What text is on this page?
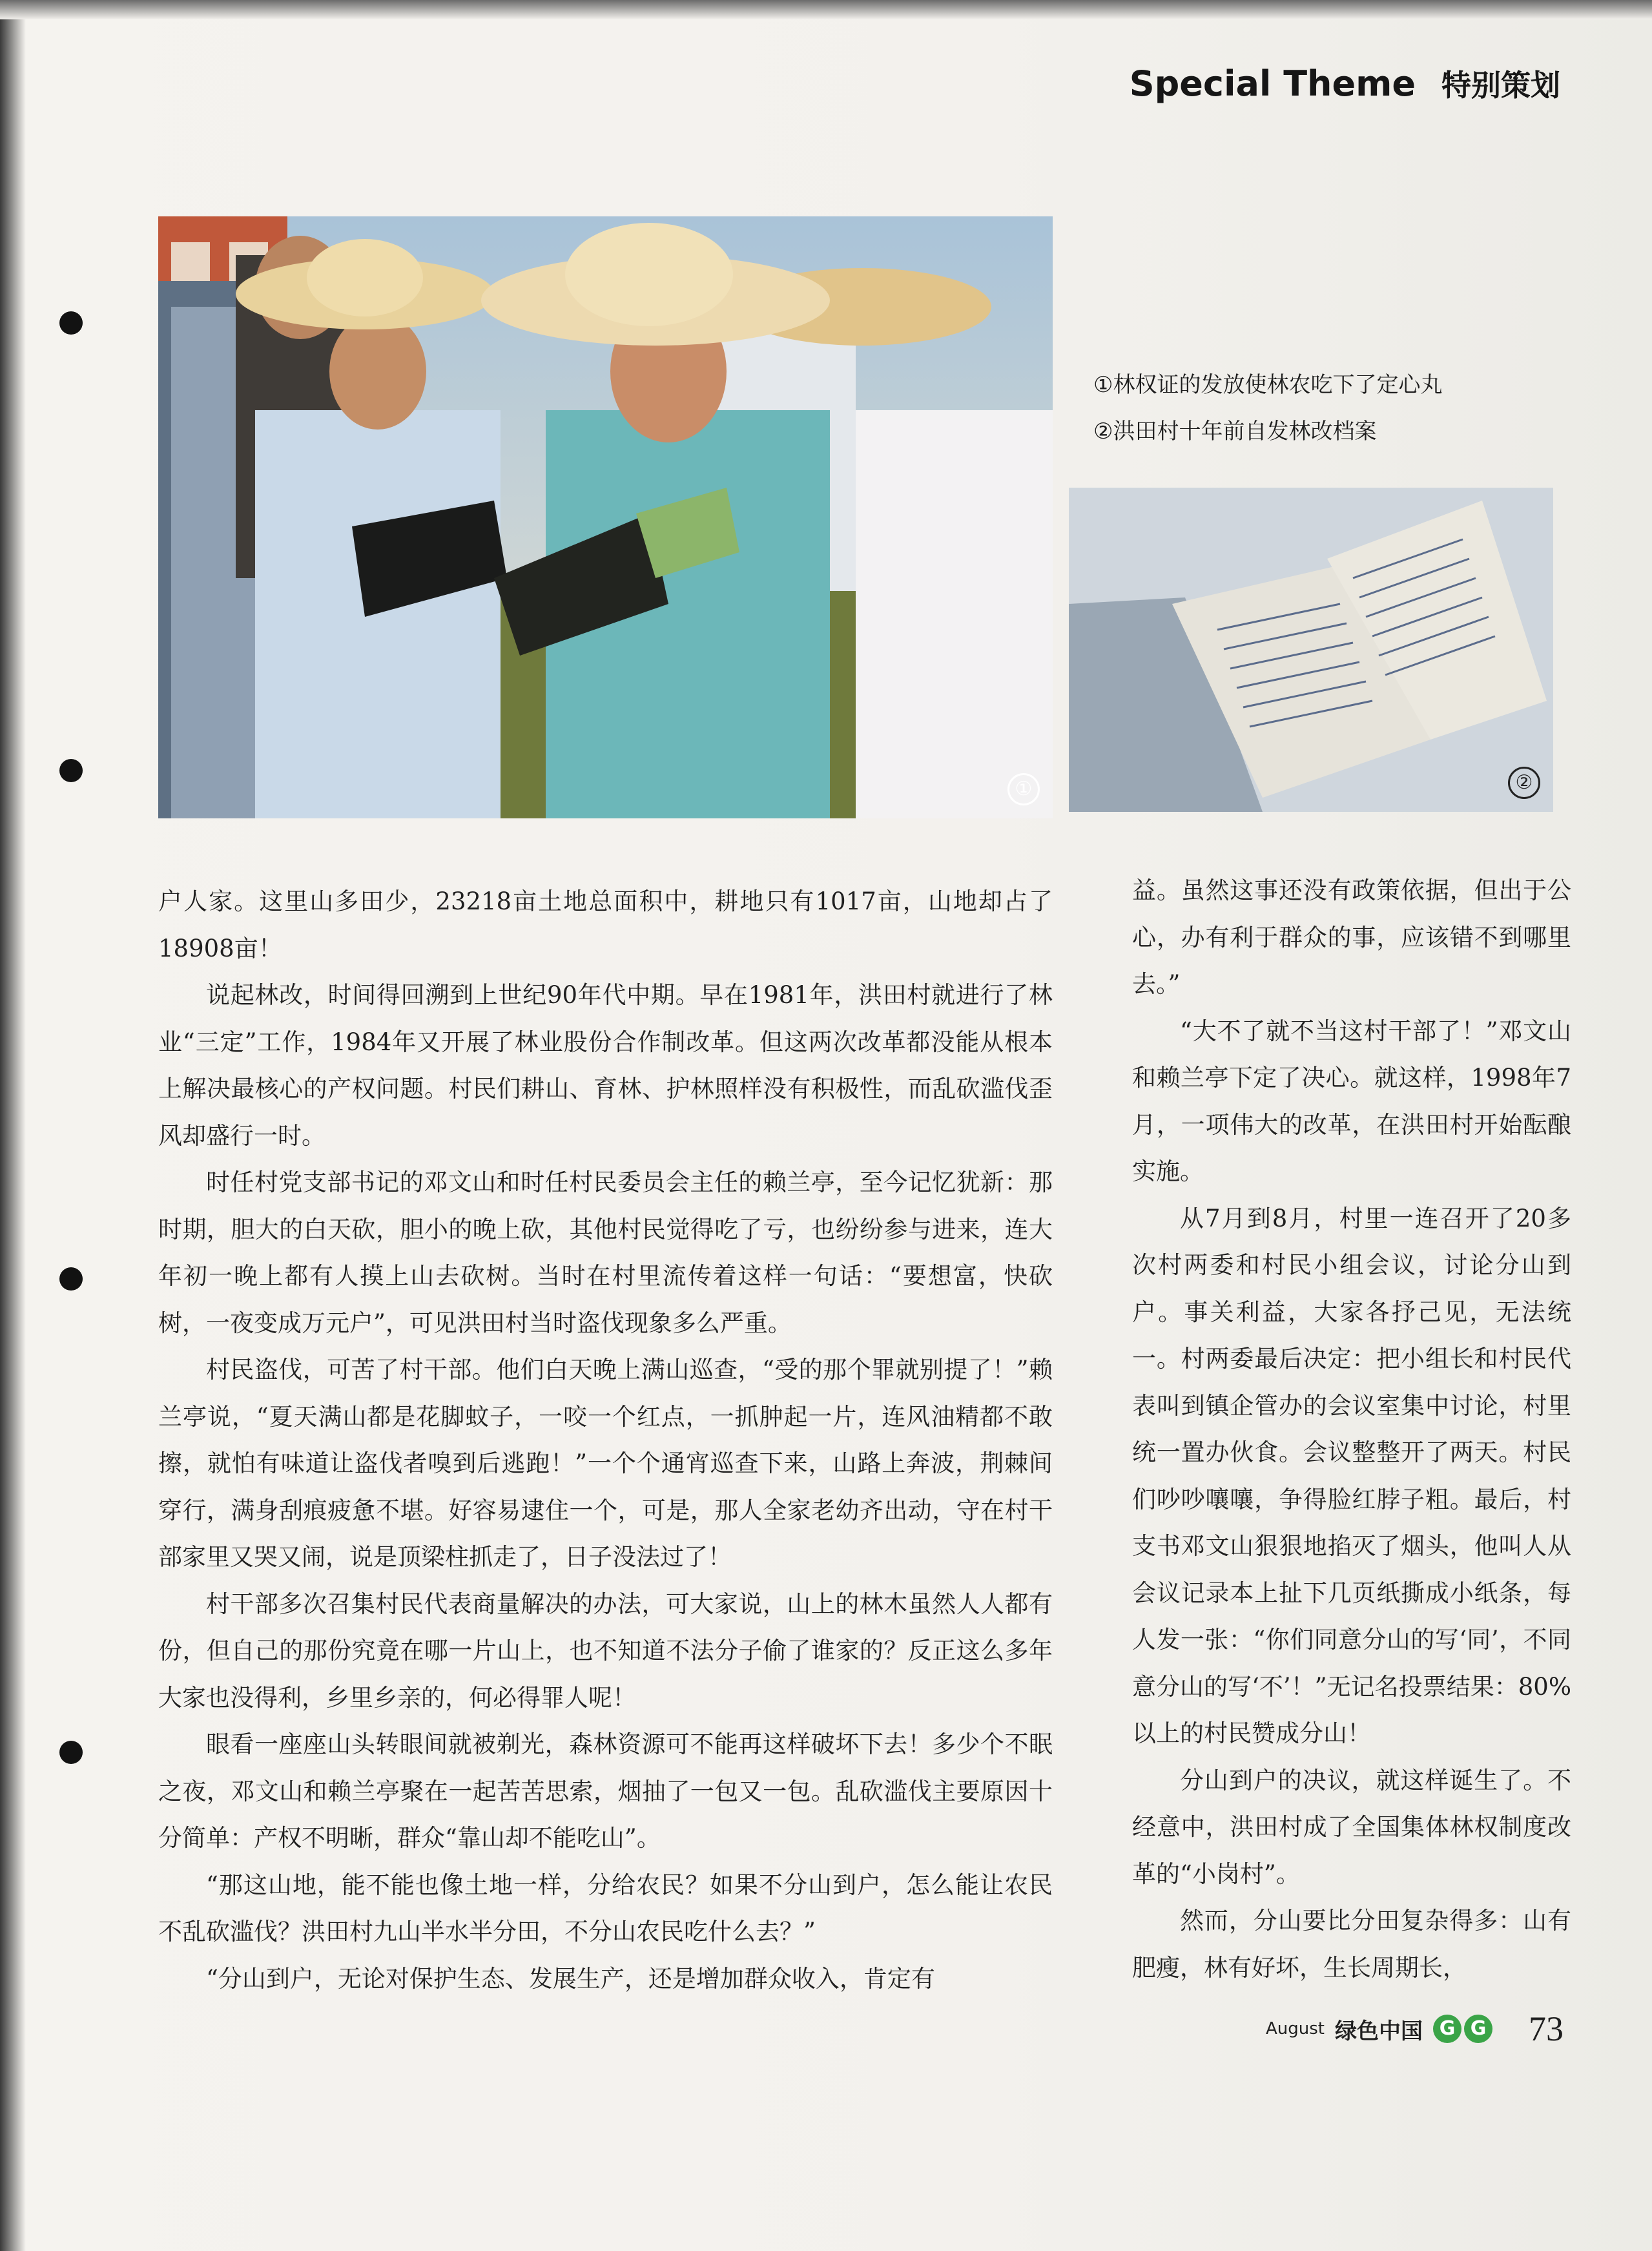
Special Theme 特别策划
①	②
①林权证的发放使林农吃下了定心丸
②洪田村十年前自发林改档案

户人家。这里山多田少，23218亩土地总面积中，耕地只有1017亩，山地却占了18908亩！

说起林改，时间得回溯到上世纪90年代中期。早在1981年，洪田村就进行了林业“三定”工作，1984年又开展了林业股份合作制改革。但这两次改革都没能从根本上解决最核心的产权问题。村民们耕山、育林、护林照样没有积极性，而乱砍滥伐歪风却盛行一时。

时任村党支部书记的邓文山和时任村民委员会主任的赖兰亭，至今记忆犹新：那时期，胆大的白天砍，胆小的晚上砍，其他村民觉得吃了亏，也纷纷参与进来，连大年初一晚上都有人摸上山去砍树。当时在村里流传着这样一句话：“要想富，快砍树，一夜变成万元户”，可见洪田村当时盗伐现象多么严重。

村民盗伐，可苦了村干部。他们白天晚上满山巡查，“受的那个罪就别提了！”赖兰亭说，“夏天满山都是花脚蚊子，一咬一个红点，一抓肿起一片，连风油精都不敢擦，就怕有味道让盗伐者嗅到后逃跑！”一个个通宵巡查下来，山路上奔波，荆棘间穿行，满身刮痕疲惫不堪。好容易逮住一个，可是，那人全家老幼齐出动，守在村干部家里又哭又闹，说是顶梁柱抓走了，日子没法过了！

村干部多次召集村民代表商量解决的办法，可大家说，山上的林木虽然人人都有份，但自己的那份究竟在哪一片山上，也不知道不法分子偷了谁家的？反正这么多年大家也没得利，乡里乡亲的，何必得罪人呢！

眼看一座座山头转眼间就被剃光，森林资源可不能再这样破坏下去！多少个不眠之夜，邓文山和赖兰亭聚在一起苦苦思索，烟抽了一包又一包。乱砍滥伐主要原因十分简单：产权不明晰，群众“靠山却不能吃山”。

“那这山地，能不能也像土地一样，分给农民？如果不分山到户，怎么能让农民不乱砍滥伐？洪田村九山半水半分田，不分山农民吃什么去？”

“分山到户，无论对保护生态、发展生产，还是增加群众收入，肯定有

益。虽然这事还没有政策依据，但出于公心，办有利于群众的事，应该错不到哪里去。”

“大不了就不当这村干部了！”邓文山和赖兰亭下定了决心。就这样，1998年7月，一项伟大的改革，在洪田村开始酝酿实施。

从7月到8月，村里一连召开了20多次村两委和村民小组会议，讨论分山到户。事关利益，大家各抒己见，无法统一。村两委最后决定：把小组长和村民代表叫到镇企管办的会议室集中讨论，村里统一置办伙食。会议整整开了两天。村民们吵吵嚷嚷，争得脸红脖子粗。最后，村支书邓文山狠狠地掐灭了烟头，他叫人从会议记录本上扯下几页纸撕成小纸条，每人发一张：“你们同意分山的写‘同’，不同意分山的写‘不’！”无记名投票结果：80%以上的村民赞成分山！

分山到户的决议，就这样诞生了。不经意中，洪田村成了全国集体林权制度改革的“小岗村”。

然而，分山要比分田复杂得多：山有肥瘦，林有好坏，生长周期长，

August 绿色中国 G G 73
